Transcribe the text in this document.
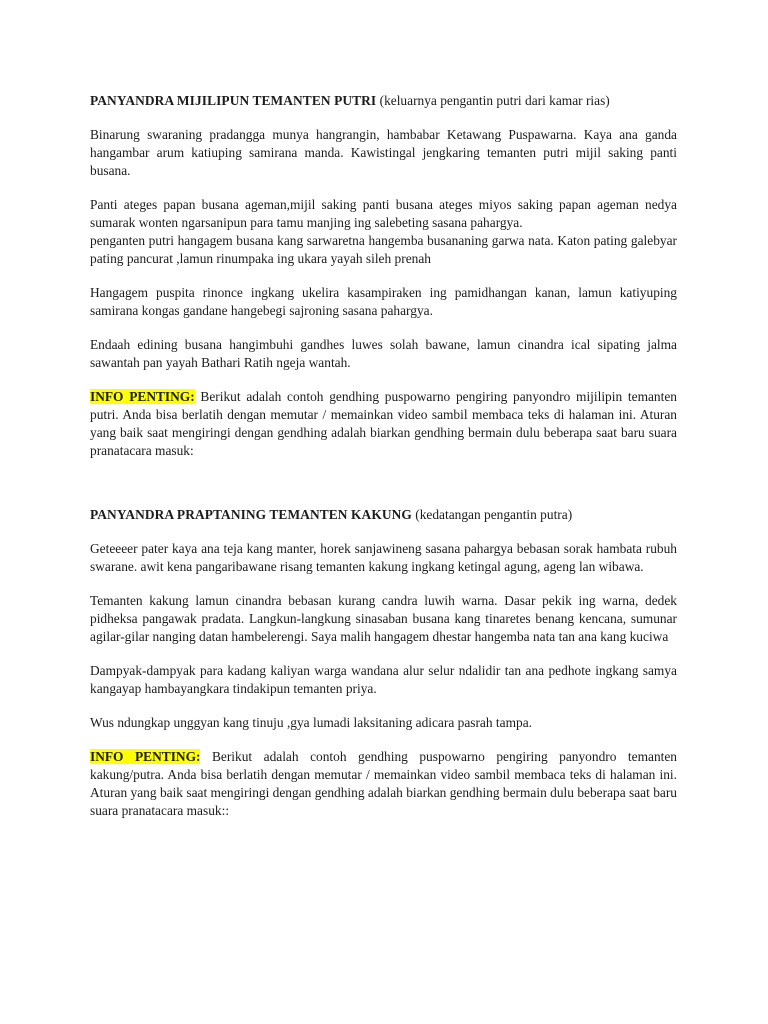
PANYANDRA MIJILIPUN TEMANTEN PUTRI (keluarnya pengantin putri dari kamar rias)

Binarung swaraning pradangga munya hangrangin, hambabar Ketawang Puspawarna. Kaya ana ganda hangambar arum katiuping samirana manda. Kawistingal jengkaring temanten putri mijil saking panti busana.

Panti ateges papan busana ageman,mijil saking panti busana ateges miyos saking papan ageman nedya sumarak wonten ngarsanipun para tamu manjing ing salebeting sasana pahargya.

penganten putri hangagem busana kang sarwaretna hangemba busananing garwa nata. Katon pating galebyar pating pancurat ,lamun rinumpaka ing ukara yayah sileh prenah

Hangagem puspita rinonce ingkang ukelira kasampiraken ing pamidhangan kanan, lamun katiyuping samirana kongas gandane hangebegi sajroning sasana pahargya.

Endaah edining busana hangimbuhi gandhes luwes solah bawane, lamun cinandra ical sipating jalma sawantah pan yayah Bathari Ratih ngeja wantah.

INFO PENTING: Berikut adalah contoh gendhing puspowarno pengiring panyondro mijilipin temanten putri. Anda bisa berlatih dengan memutar / memainkan video sambil membaca teks di halaman ini. Aturan yang baik saat mengiringi dengan gendhing adalah biarkan gendhing bermain dulu beberapa saat baru suara pranatacara masuk:

PANYANDRA PRAPTANING TEMANTEN KAKUNG (kedatangan pengantin putra)

Geteeeer pater kaya ana teja kang manter, horek sanjawineng sasana pahargya bebasan sorak hambata rubuh swarane. awit kena pangaribawane risang temanten kakung ingkang ketingal agung, ageng lan wibawa.

Temanten kakung lamun cinandra bebasan kurang candra luwih warna. Dasar pekik ing warna, dedek pidheksa pangawak pradata. Langkun-langkung sinasaban busana kang tinaretes benang kencana, sumunar agilar-gilar nanging datan hambelerengi. Saya malih hangagem dhestar hangemba nata tan ana kang kuciwa

Dampyak-dampyak para kadang kaliyan warga wandana alur selur ndalidir tan ana pedhote ingkang samya kangayap hambayangkara tindakipun temanten priya.

Wus ndungkap unggyan kang tinuju ,gya lumadi laksitaning adicara pasrah tampa.

INFO PENTING: Berikut adalah contoh gendhing puspowarno pengiring panyondro temanten kakung/putra. Anda bisa berlatih dengan memutar / memainkan video sambil membaca teks di halaman ini. Aturan yang baik saat mengiringi dengan gendhing adalah biarkan gendhing bermain dulu beberapa saat baru suara pranatacara masuk::
